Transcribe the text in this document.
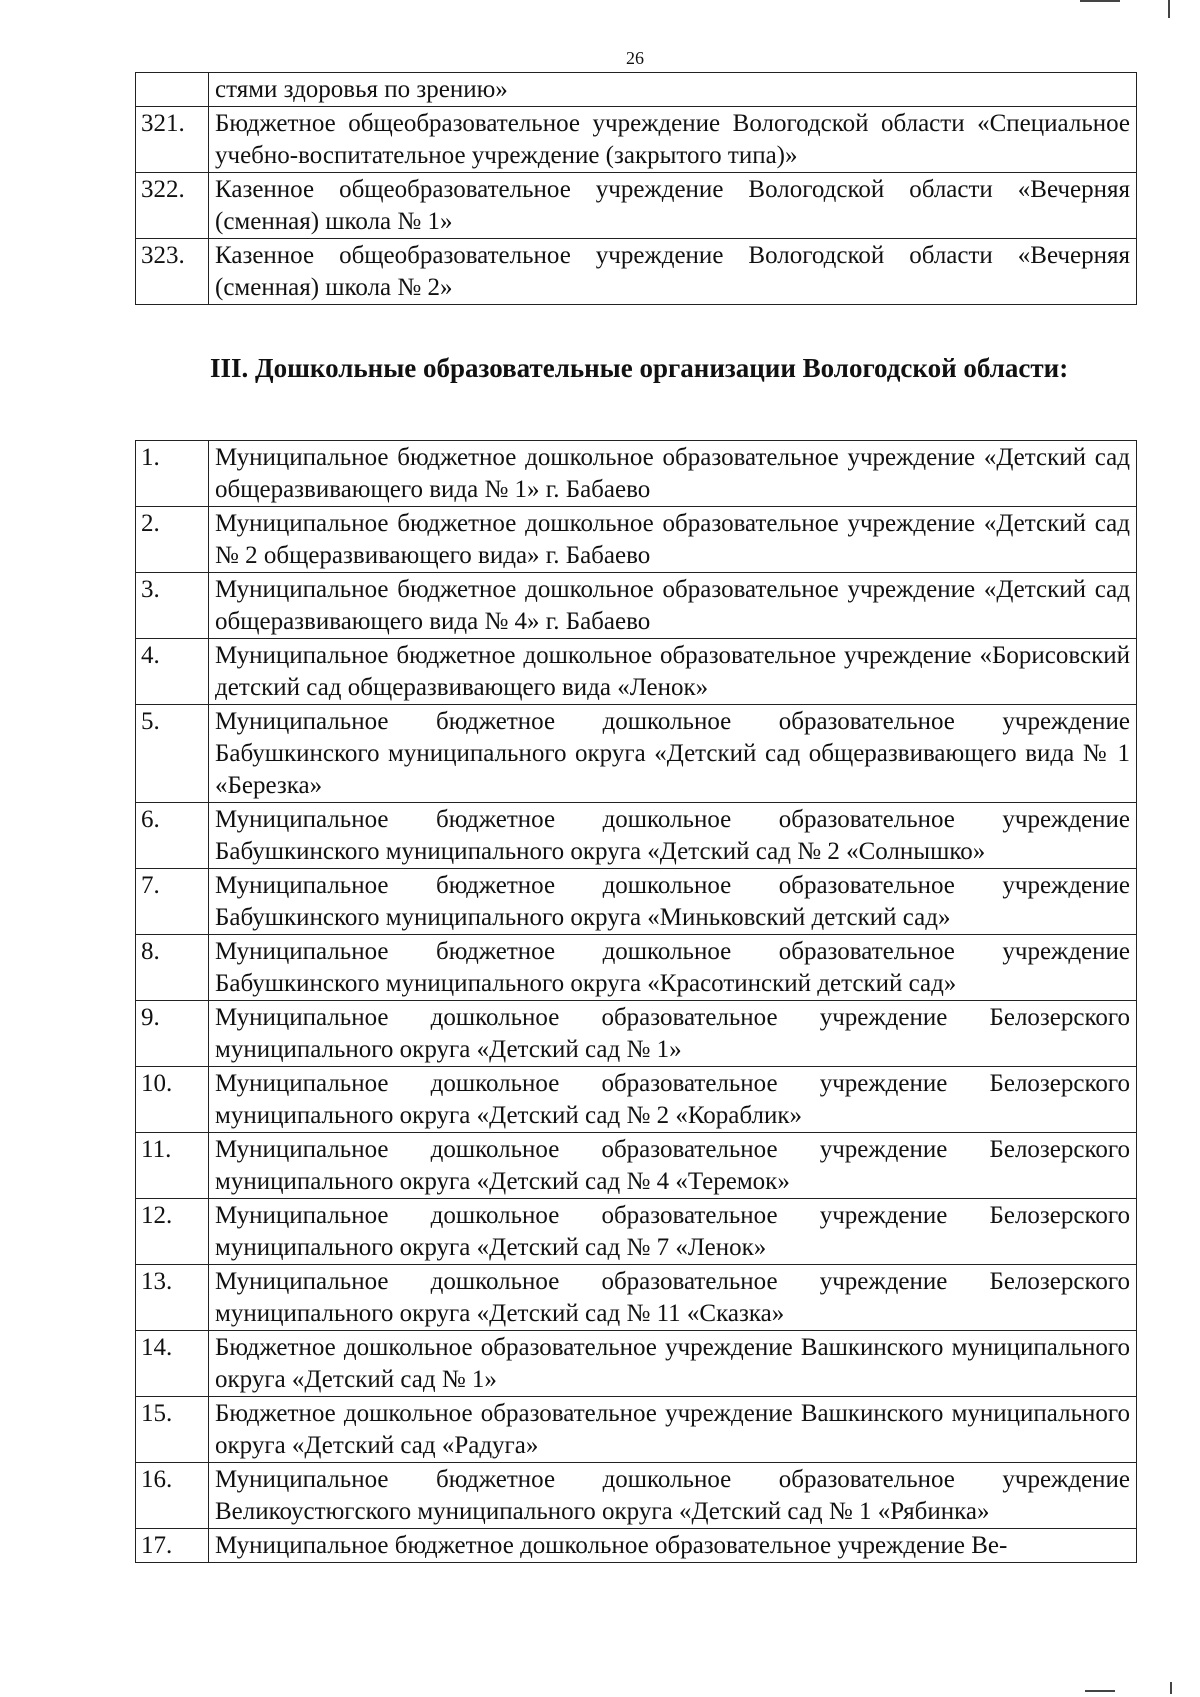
26
	стями здоровья по зрению»
321.	Бюджетное общеобразовательное учреждение Вологодской области «Специальное учебно-воспитательное учреждение (закрытого типа)»
322.	Казенное общеобразовательное учреждение Вологодской области «Вечерняя (сменная) школа № 1»
323.	Казенное общеобразовательное учреждение Вологодской области «Вечерняя (сменная) школа № 2»
III. Дошкольные образовательные организации Вологодской области:
1.	Муниципальное бюджетное дошкольное образовательное учреждение «Детский сад общеразвивающего вида № 1» г. Бабаево
2.	Муниципальное бюджетное дошкольное образовательное учреждение «Детский сад № 2 общеразвивающего вида» г. Бабаево
3.	Муниципальное бюджетное дошкольное образовательное учреждение «Детский сад общеразвивающего вида № 4» г. Бабаево
4.	Муниципальное бюджетное дошкольное образовательное учреждение «Борисовский детский сад общеразвивающего вида «Ленок»
5.	Муниципальное бюджетное дошкольное образовательное учреждение Бабушкинского муниципального округа «Детский сад общеразвивающего вида № 1 «Березка»
6.	Муниципальное бюджетное дошкольное образовательное учреждение Бабушкинского муниципального округа «Детский сад № 2 «Солнышко»
7.	Муниципальное бюджетное дошкольное образовательное учреждение Бабушкинского муниципального округа «Миньковский детский сад»
8.	Муниципальное бюджетное дошкольное образовательное учреждение Бабушкинского муниципального округа «Красотинский детский сад»
9.	Муниципальное дошкольное образовательное учреждение Белозерского муниципального округа «Детский сад № 1»
10.	Муниципальное дошкольное образовательное учреждение Белозерского муниципального округа «Детский сад № 2 «Кораблик»
11.	Муниципальное дошкольное образовательное учреждение Белозерского муниципального округа «Детский сад № 4 «Теремок»
12.	Муниципальное дошкольное образовательное учреждение Белозерского муниципального округа «Детский сад № 7 «Ленок»
13.	Муниципальное дошкольное образовательное учреждение Белозерского муниципального округа «Детский сад № 11 «Сказка»
14.	Бюджетное дошкольное образовательное учреждение Вашкинского муниципального округа «Детский сад № 1»
15.	Бюджетное дошкольное образовательное учреждение Вашкинского муниципального округа «Детский сад «Радуга»
16.	Муниципальное бюджетное дошкольное образовательное учреждение Великоустюгского муниципального округа «Детский сад № 1 «Рябинка»
17.	Муниципальное бюджетное дошкольное образовательное учреждение Ве-
